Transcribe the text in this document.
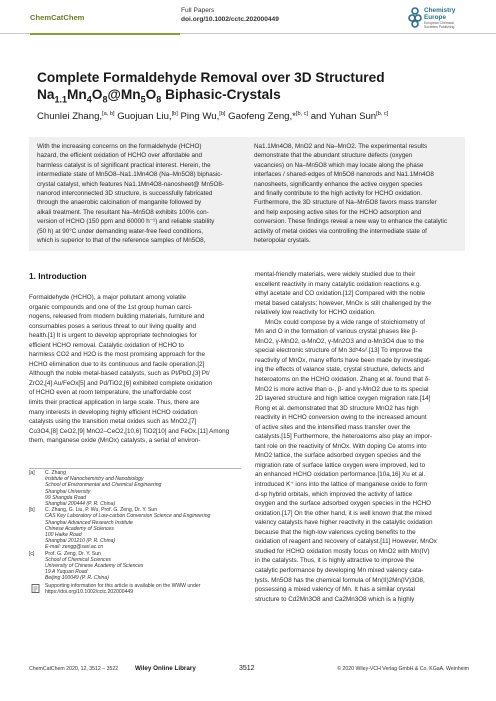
ChemCatChem
Full Papers
doi.org/10.1002/cctc.202000449
Chemistry
Europe
European Chemical
Societies Publishing
Complete Formaldehyde Removal over 3D Structured
$Na_{1.1}Mn_4O_8@Mn_5O_8$ Biphasic-Crystals
Chunlei Zhang,[a, b] Guojuan Liu,[b] Ping Wu,[b] Gaofeng Zeng,*[b, c] and Yuhan Sun[b, c]

With the increasing concerns on the formaldehyde (HCHO)

hazard, the efficient oxidation of HCHO over affordable and

harmless catalyst is of significant practical interest. Herein, the

intermediate state of Mn5O8–Na1.1Mn4O8 (Na–Mn5O8) biphasic-

crystal catalyst, which features Na1.1Mn4O8-nanosheet@ Mn5O8-

nanorod interconnected 3D structure, is successfully fabricated

through the anaerobic calcination of manganite followed by

alkali treatment. The resultant Na–Mn5O8 exhibits 100% con-

version of HCHO (150 ppm and 60000 h⁻¹) and reliable stability

(50 h) at 90°C under demanding water-free feed conditions,

which is superior to that of the reference samples of Mn5O8,

Na1.1Mn4O8, MnO2 and Na–MnO2. The experimental results

demonstrate that the abundant structure defects (oxygen

vacancies) on Na–Mn5O8 which may locate along the phase

interfaces / shared-edges of Mn5O8 nanorods and Na1.1Mn4O8

nanosheets, significantly enhance the active oxygen species

and finally contribute to the high activity for HCHO oxidation.

Furthermore, the 3D structure of Na–Mn5O8 favors mass transfer

and help exposing active sites for the HCHO adsorption and

conversion. These findings reveal a new way to enhance the catalytic

activity of metal oxides via controlling the intermediate state of

heteropolar crystals.

1. Introduction

Formaldehyde (HCHO), a major pollutant among volatile

organic compounds and one of the 1st group human carci-

nogens, released from modern building materials, furniture and

consumables poses a serious threat to our living quality and

health.[1] It is urgent to develop appropriate technologies for

efficient HCHO removal. Catalytic oxidation of HCHO to

harmless CO2 and H2O is the most promising approach for the

HCHO elimination due to its continuous and facile operation.[2]

Although the noble metal-based catalysts, such as Pt/PbO,[3] Pt/

ZrO2,[4] Au/FeOx[5] and Pd/TiO2,[6] exhibited complete oxidation

of HCHO even at room temperature, the unaffordable cost

limits their practical application in large scale. Thus, there are

many interests in developing highly efficient HCHO oxidation

catalysts using the transition metal oxides such as MnO2,[7]

Co3O4,[8] CeO2,[9] MnO2–CeO2,[10,6] TiO2[10] and FeOx.[11] Among

them, manganese oxide (MnOx) catalysts, a serial of environ-

[a] C. Zhang
Institute of Nanochemistry and Nanobiology
School of Environmental and Chemical Engineering
Shanghai University
99 Shangda Road
Shanghai 200444 (P. R. China)
[b] C. Zhang, G. Liu, P. Wu, Prof. G. Zeng, Dr. Y. Sun
CAS Key Laboratory of Low-carbon Conversion Science and Engineering
Shanghai Advanced Research Institute
Chinese Academy of Sciences
100 Haike Road
Shanghai 201210 (P. R. China)
E-mail: zengg@sari.ac.cn
[c] Prof. G. Zeng, Dr. Y. Sun
School of Chemical Sciences
University of Chinese Academy of Sciences
19 A Yuquan Road
Beijing 100049 (P. R. China)
Supporting information for this article is available on the WWW under
https://doi.org/10.1002/cctc.202000449

mental-friendly materials, were widely studied due to their

excellent reactivity in many catalytic oxidation reactions e.g.

ethyl acetate and CO oxidation.[12] Compared with the noble

metal based catalysts; however, MnOx is still challenged by the

relatively low reactivity for HCHO oxidation.

MnOx could compose by a wide range of stoichiometry of

Mn and O in the formation of various crystal phases like β-

MnO2, γ-MnO2, α-MnO2, γ-Mn2O3 and α-Mn3O4 due to the

special electronic structure of Mn 3d⁵4s².[13] To improve the

reactivity of MnOx, many efforts have been made by investigat-

ing the effects of valance state, crystal structure, defects and

heteroatoms on the HCHO oxidation. Zhang et al. found that δ-

MnO2 is more active than α-, β- and γ-MnO2 due to its special

2D layered structure and high lattice oxygen migration rate.[14]

Rong et al. demonstrated that 3D structure MnO2 has high

reactivity in HCHO conversion owing to the increased amount

of active sites and the intensified mass transfer over the

catalysts.[15] Furthermore, the heteroatoms also play an impor-

tant role on the reactivity of MnOx. With doping Ce atoms into

MnO2 lattice, the surface adsorbed oxygen species and the

migration rate of surface lattice oxygen were improved, led to

an enhanced HCHO oxidation performance.[10a,16] Xu et al.

introduced K⁺ ions into the lattice of manganese oxide to form

d-sp hybrid orbitals, which improved the activity of lattice

oxygen and the surface adsorbed oxygen species in the HCHO

oxidation.[17] On the other hand, it is well known that the mixed

valency catalysts have higher reactivity in the catalytic oxidation

because that the high-low valences cycling benefits to the

oxidation of reagent and recovery of catalyst.[11] However, MnOx

studied for HCHO oxidation mostly focus on MnO2 with Mn(IV)

in the catalysts. Thus, it is highly attractive to improve the

catalytic performance by developing Mn mixed valency cata-

lysts. Mn5O8 has the chemical formula of Mn(II)2Mn(IV)3O8,

possessing a mixed valency of Mn. It has a similar crystal

structure to Cd2Mn3O8 and Ca2Mn3O8 which is a highly

ChemCatChem 2020, 12, 3512 – 3522	Wiley Online Library	3512	© 2020 Wiley-VCH Verlag GmbH & Co. KGaA, Weinheim
